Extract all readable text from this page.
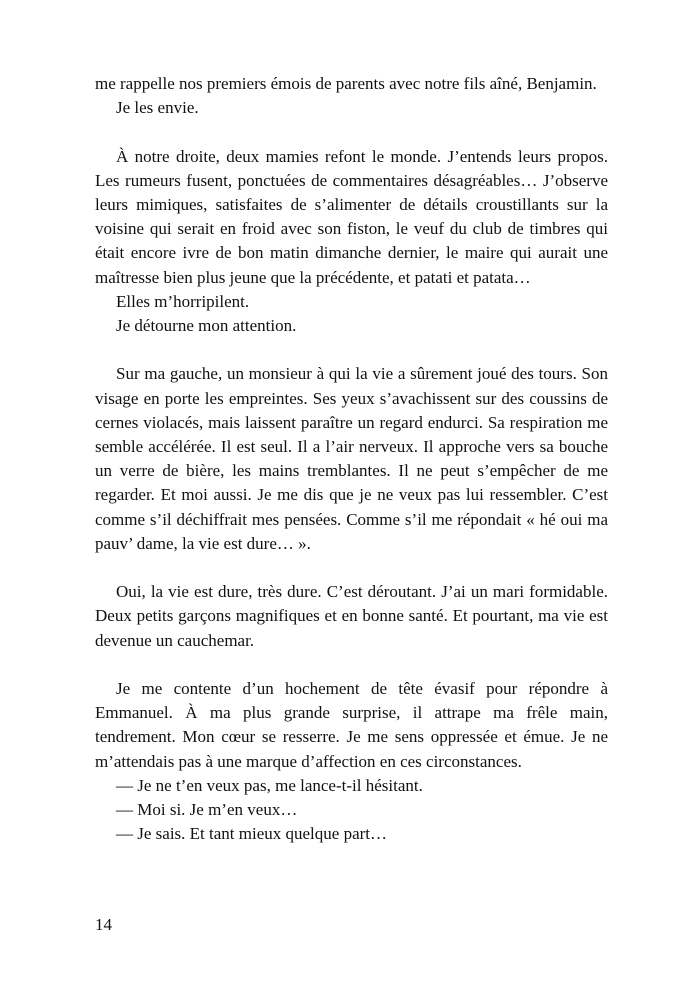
me rappelle nos premiers émois de parents avec notre fils aîné, Benjamin.

Je les envie.

À notre droite, deux mamies refont le monde. J’entends leurs propos. Les rumeurs fusent, ponctuées de commentaires désagréables… J’observe leurs mimiques, satisfaites de s’alimenter de détails croustillants sur la voisine qui serait en froid avec son fiston, le veuf du club de timbres qui était encore ivre de bon matin dimanche dernier, le maire qui aurait une maîtresse bien plus jeune que la précédente, et patati et patata…

Elles m’horripilent.

Je détourne mon attention.

Sur ma gauche, un monsieur à qui la vie a sûrement joué des tours. Son visage en porte les empreintes. Ses yeux s’avachissent sur des coussins de cernes violacés, mais laissent paraître un regard endurci. Sa respiration me semble accélérée. Il est seul. Il a l’air nerveux. Il approche vers sa bouche un verre de bière, les mains tremblantes. Il ne peut s’empêcher de me regarder. Et moi aussi. Je me dis que je ne veux pas lui ressembler. C’est comme s’il déchiffrait mes pensées. Comme s’il me répondait « hé oui ma pauv’ dame, la vie est dure… ».

Oui, la vie est dure, très dure. C’est déroutant. J’ai un mari formidable. Deux petits garçons magnifiques et en bonne santé. Et pourtant, ma vie est devenue un cauchemar.

Je me contente d’un hochement de tête évasif pour répondre à Emmanuel. À ma plus grande surprise, il attrape ma frêle main, tendrement. Mon cœur se resserre. Je me sens oppressée et émue. Je ne m’attendais pas à une marque d’affection en ces circonstances.

— Je ne t’en veux pas, me lance-t-il hésitant.

— Moi si. Je m’en veux…

— Je sais. Et tant mieux quelque part…

14
